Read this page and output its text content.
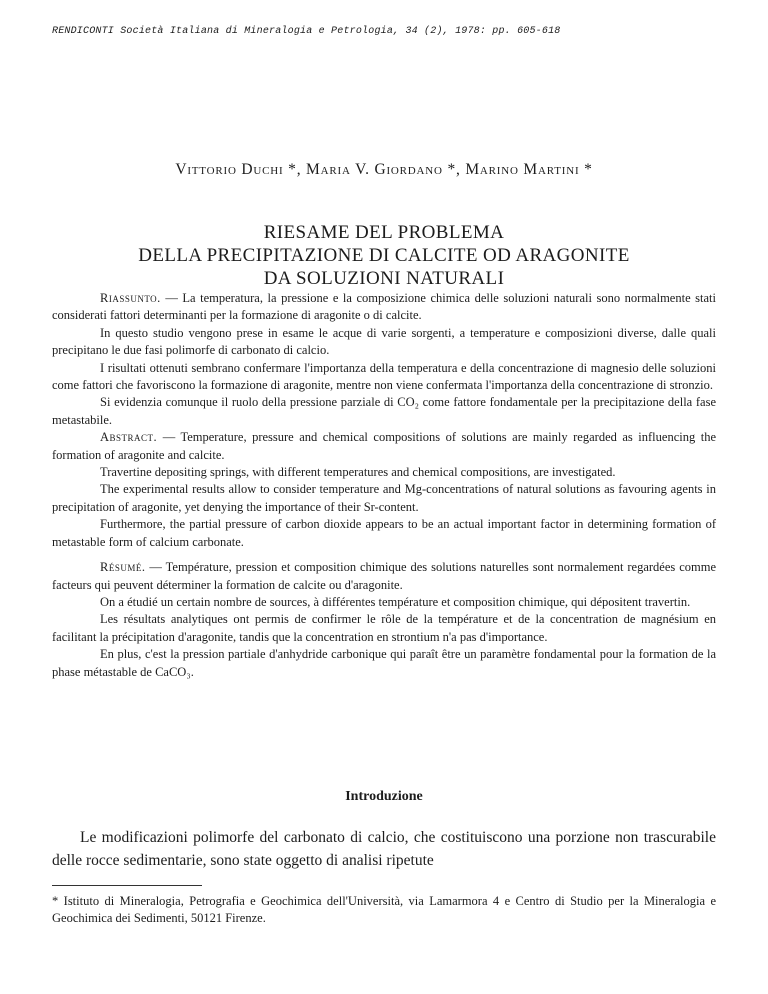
RENDICONTI Società Italiana di Mineralogia e Petrologia, 34 (2), 1978: pp. 605-618
Vittorio Duchi *, Maria V. Giordano *, Marino Martini *
RIESAME DEL PROBLEMA
DELLA PRECIPITAZIONE DI CALCITE OD ARAGONITE
DA SOLUZIONI NATURALI

Riassunto. — La temperatura, la pressione e la composizione chimica delle soluzioni naturali sono normalmente stati considerati fattori determinanti per la formazione di aragonite o di calcite.

In questo studio vengono prese in esame le acque di varie sorgenti, a temperature e composizioni diverse, dalle quali precipitano le due fasi polimorfe di carbonato di calcio.

I risultati ottenuti sembrano confermare l'importanza della temperatura e della concentrazione di magnesio delle soluzioni come fattori che favoriscono la formazione di aragonite, mentre non viene confermata l'importanza della concentrazione di stronzio.

Si evidenzia comunque il ruolo della pressione parziale di CO₂ come fattore fondamentale per la precipitazione della fase metastabile.

Abstract. — Temperature, pressure and chemical compositions of solutions are mainly regarded as influencing the formation of aragonite and calcite.

Travertine depositing springs, with different temperatures and chemical compositions, are investigated.

The experimental results allow to consider temperature and Mg-concentrations of natural solutions as favouring agents in precipitation of aragonite, yet denying the importance of their Sr-content.

Furthermore, the partial pressure of carbon dioxide appears to be an actual important factor in determining formation of metastable form of calcium carbonate.

Résumé. — Température, pression et composition chimique des solutions naturelles sont normalement regardées comme facteurs qui peuvent déterminer la formation de calcite ou d'aragonite.

On a étudié un certain nombre de sources, à différentes température et composition chimique, qui dépositent travertin.

Les résultats analytiques ont permis de confirmer le rôle de la température et de la concentration de magnésium en facilitant la précipitation d'aragonite, tandis que la concentration en strontium n'a pas d'importance.

En plus, c'est la pression partiale d'anhydride carbonique qui paraît être un paramètre fondamental pour la formation de la phase métastable de CaCO₃.

Introduzione

Le modificazioni polimorfe del carbonato di calcio, che costituiscono una porzione non trascurabile delle rocce sedimentarie, sono state oggetto di analisi ripetute

* Istituto di Mineralogia, Petrografia e Geochimica dell'Università, via Lamarmora 4 e Centro di Studio per la Mineralogia e Geochimica dei Sedimenti, 50121 Firenze.
